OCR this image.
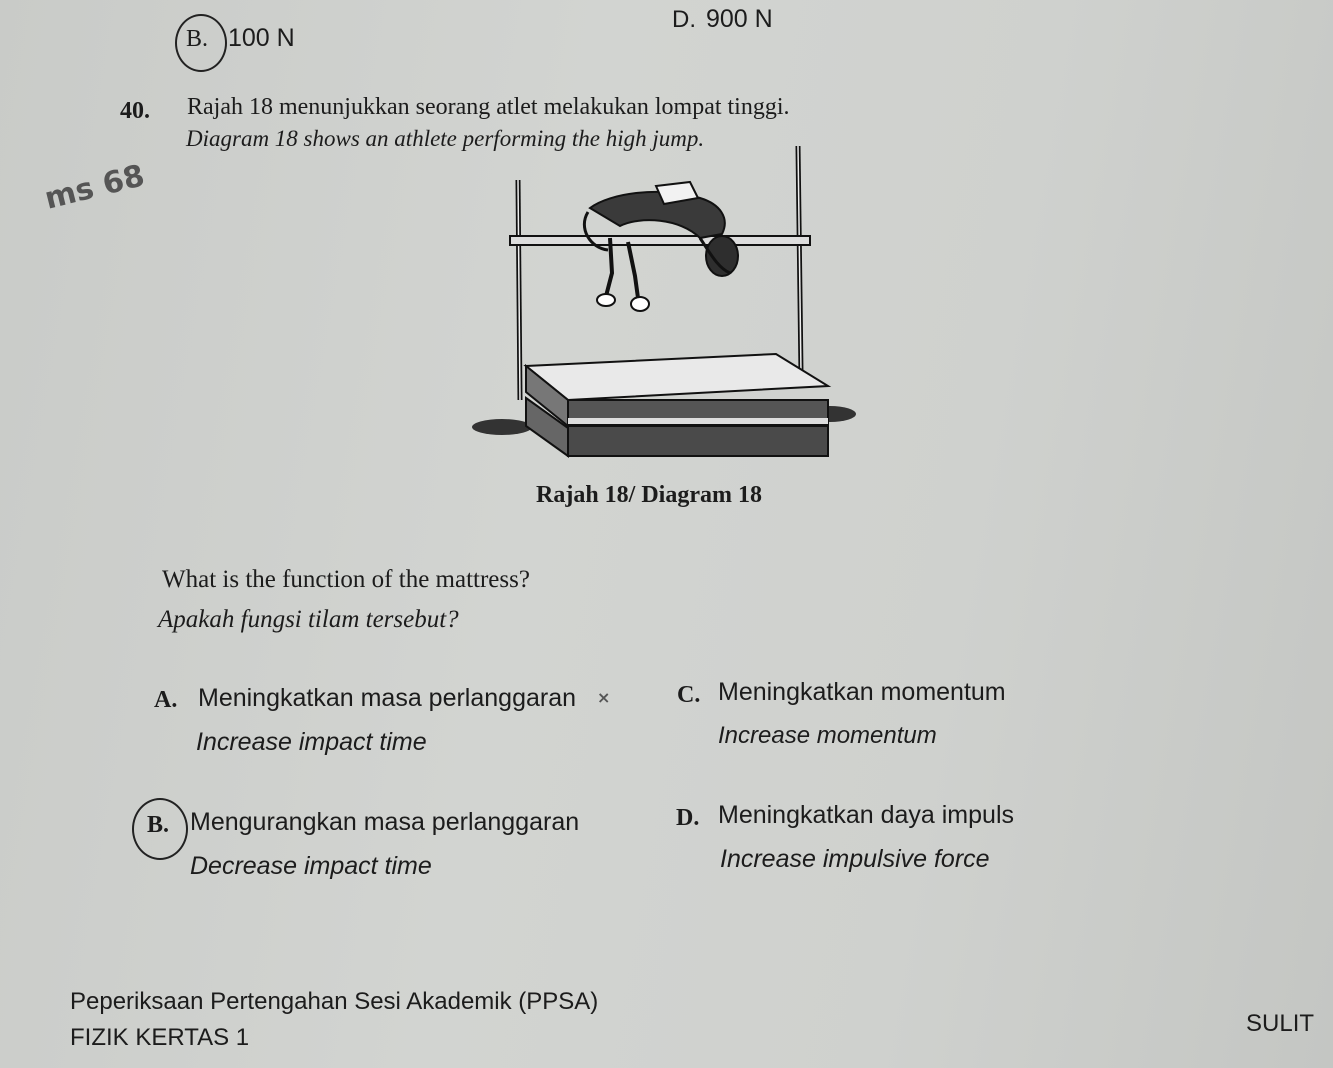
B. 100 N
D. 900 N
40. Rajah 18 menunjukkan seorang atlet melakukan lompat tinggi.
Diagram 18 shows an athlete performing the high jump.
ms 68
Rajah 18/ Diagram 18
What is the function of the mattress?
Apakah fungsi tilam tersebut?
A. Meningkatkan masa perlanggaran ×
Increase impact time
C. Meningkatkan momentum
Increase momentum
B. Mengurangkan masa perlanggaran
Decrease impact time
D. Meningkatkan daya impuls
Increase impulsive force
Peperiksaan Pertengahan Sesi Akademik (PPSA)
FIZIK KERTAS 1
SULIT
